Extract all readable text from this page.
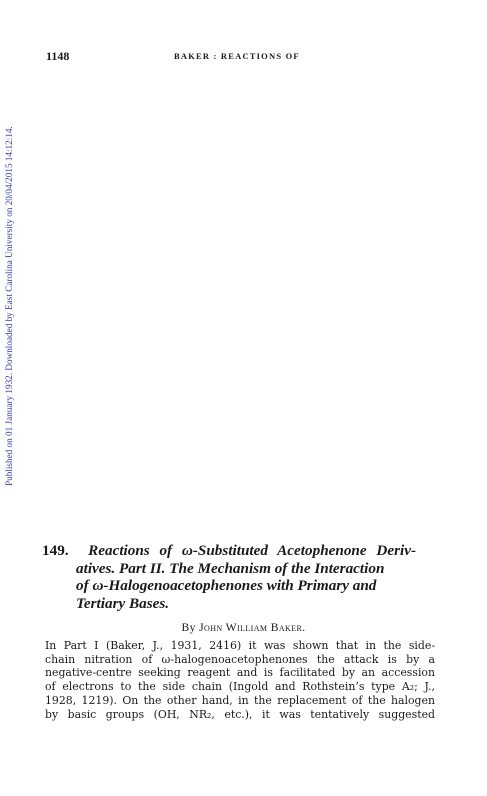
1148	BAKER : REACTIONS OF
Published on 01 January 1932. Downloaded by East Carolina University on 20/04/2015 14:12:14.
149. Reactions of ω-Substituted Acetophenone Deriv-
atives. Part II. The Mechanism of the Interaction
of ω-Halogenoacetophenones with Primary and
Tertiary Bases.
By John William Baker.
In Part I (Baker, J., 1931, 2416) it was shown that in the side-
chain nitration of ω-halogenoacetophenones the attack is by a
negative-centre seeking reagent and is facilitated by an accession
of electrons to the side chain (Ingold and Rothstein’s type A₂; J.,
1928, 1219). On the other hand, in the replacement of the halogen
by basic groups (OH, NR₂, etc.), it was tentatively suggested
